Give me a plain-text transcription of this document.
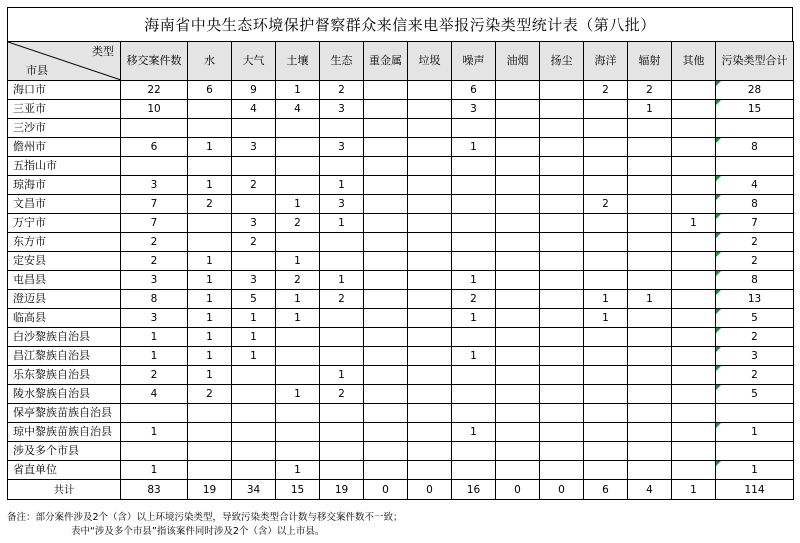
海南省中央生态环境保护督察群众来信来电举报污染类型统计表（第八批）
类型
市县	移交案件数	水	大气	土壤	生态	重金属	垃圾	噪声	油烟	扬尘	海洋	辐射	其他	污染类型合计
海口市	22	6	9	1	2			6			2	2		28
三亚市	10		4	4	3			3				1		15
三沙市														
儋州市	6	1	3		3			1						8
五指山市														
琼海市	3	1	2		1									4
文昌市	7	2		1	3						2			8
万宁市	7		3	2	1								1	7
东方市	2		2											2
定安县	2	1		1										2
屯昌县	3	1	3	2	1			1						8
澄迈县	8	1	5	1	2			2			1	1		13
临高县	3	1	1	1				1			1			5
白沙黎族自治县	1	1	1											2
昌江黎族自治县	1	1	1					1						3
乐东黎族自治县	2	1			1									2
陵水黎族自治县	4	2		1	2									5
保亭黎族苗族自治县														
琼中黎族苗族自治县	1							1						1
涉及多个市县														
省直单位	1			1										1
共计	83	19	34	15	19	0	0	16	0	0	6	4	1	114
备注：部分案件涉及2个（含）以上环境污染类型，导致污染类型合计数与移交案件数不一致；
表中“涉及多个市县”指该案件同时涉及2个（含）以上市县。
